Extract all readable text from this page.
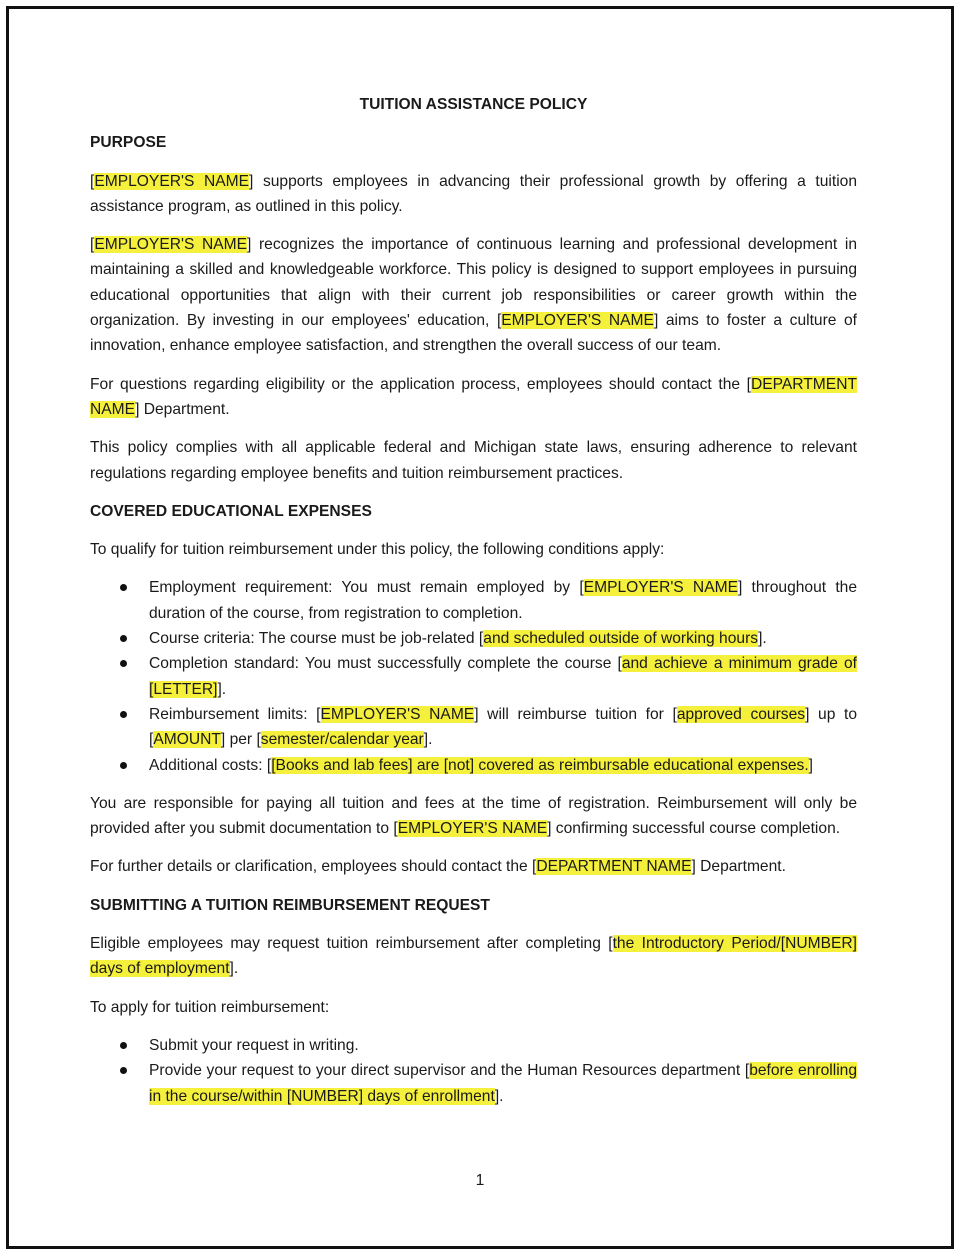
TUITION ASSISTANCE POLICY
PURPOSE

[EMPLOYER'S NAME] supports employees in advancing their professional growth by offering a tuition assistance program, as outlined in this policy.

[EMPLOYER'S NAME] recognizes the importance of continuous learning and professional development in maintaining a skilled and knowledgeable workforce. This policy is designed to support employees in pursuing educational opportunities that align with their current job responsibilities or career growth within the organization. By investing in our employees' education, [EMPLOYER'S NAME] aims to foster a culture of innovation, enhance employee satisfaction, and strengthen the overall success of our team.

For questions regarding eligibility or the application process, employees should contact the [DEPARTMENT NAME] Department.

This policy complies with all applicable federal and Michigan state laws, ensuring adherence to relevant regulations regarding employee benefits and tuition reimbursement practices.

COVERED EDUCATIONAL EXPENSES

To qualify for tuition reimbursement under this policy, the following conditions apply:

Employment requirement: You must remain employed by [EMPLOYER'S NAME] throughout the duration of the course, from registration to completion.
Course criteria: The course must be job-related [and scheduled outside of working hours].
Completion standard: You must successfully complete the course [and achieve a minimum grade of [LETTER]].
Reimbursement limits: [EMPLOYER'S NAME] will reimburse tuition for [approved courses] up to [AMOUNT] per [semester/calendar year].
Additional costs: [[Books and lab fees] are [not] covered as reimbursable educational expenses.]

You are responsible for paying all tuition and fees at the time of registration. Reimbursement will only be provided after you submit documentation to [EMPLOYER'S NAME] confirming successful course completion.

For further details or clarification, employees should contact the [DEPARTMENT NAME] Department.

SUBMITTING A TUITION REIMBURSEMENT REQUEST

Eligible employees may request tuition reimbursement after completing [the Introductory Period/[NUMBER] days of employment].

To apply for tuition reimbursement:

Submit your request in writing.
Provide your request to your direct supervisor and the Human Resources department [before enrolling in the course/within [NUMBER] days of enrollment].
1
